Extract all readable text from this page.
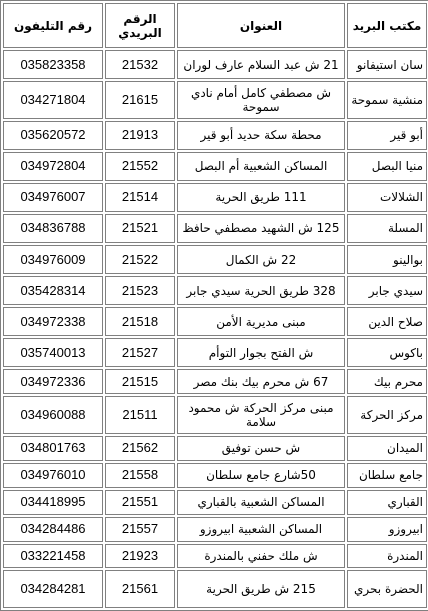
مكتب البريد	العنوان	الرقم البريدي	رقم التليفون
سان استيفانو	21 ش عبد السلام عارف لوران	21532	035823358
منشية سموحة	ش مصطفي كامل أمام نادي سموحة	21615	034271804
أبو قير	محطة سكة حديد أبو قير	21913	035620572
منيا البصل	المساكن الشعبية أم البصل	21552	034972804
الشلالات	111 طريق الحرية	21514	034976007
المسلة	125 ش الشهيد مصطفي حافظ	21521	034836788
بوالينو	22 ش الكمال	21522	034976009
سيدي جابر	328 طريق الحرية سيدي جابر	21523	035428314
صلاح الدين	مبنى مديرية الأمن	21518	034972338
باكوس	ش الفتح بجوار التوأم	21527	035740013
محرم بيك	67 ش محرم بيك بنك مصر	21515	034972336
مركز الحركة	مبنى مركز الحركة ش محمود سلامة	21511	034960088
الميدان	ش حسن توفيق	21562	034801763
جامع سلطان	50شارع جامع سلطان	21558	034976010
القباري	المساكن الشعبية بالقباري	21551	034418995
ابيروزو	المساكن الشعبية ابيروزو	21557	034284486
المندرة	ش ملك حفني بالمندرة	21923	033221458
الحضرة بحري	215 ش طريق الحرية	21561	034284281
